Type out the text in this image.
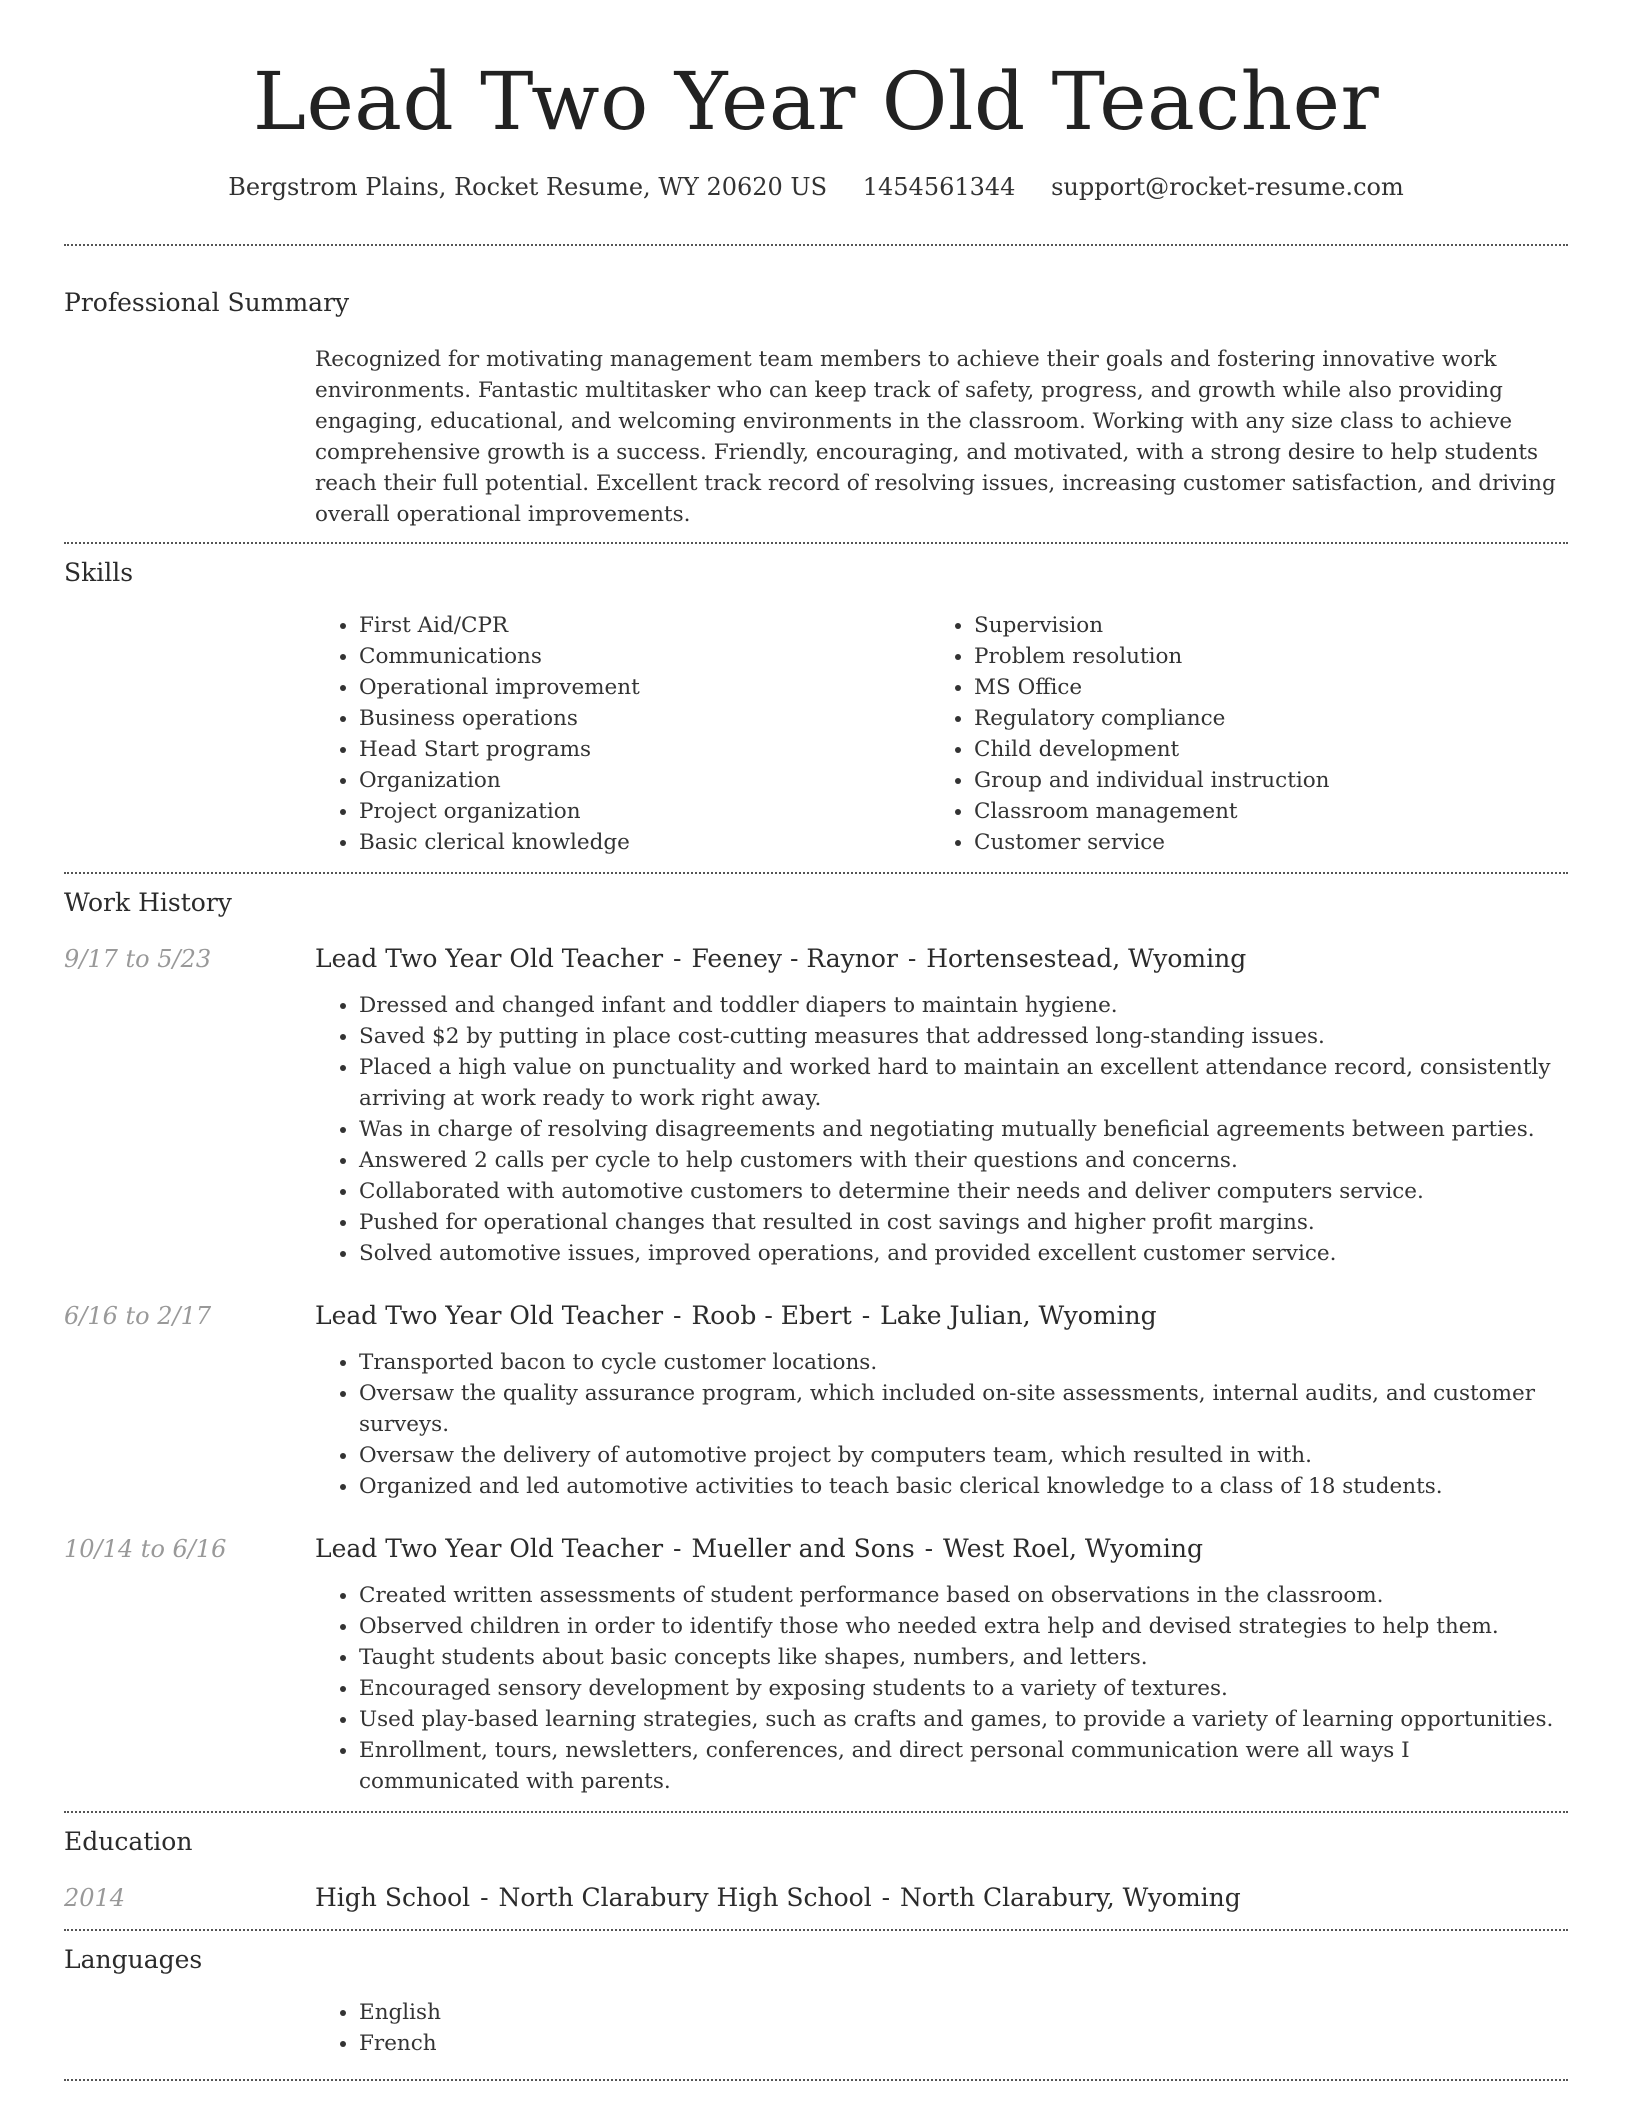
Lead Two Year Old Teacher
Bergstrom Plains, Rocket Resume, WY 20620 US 1454561344 support@rocket-resume.com
Professional Summary
Recognized for motivating management team members to achieve their goals and fostering innovative work environments. Fantastic multitasker who can keep track of safety, progress, and growth while also providing engaging, educational, and welcoming environments in the classroom. Working with any size class to achieve comprehensive growth is a success. Friendly, encouraging, and motivated, with a strong desire to help students reach their full potential. Excellent track record of resolving issues, increasing customer satisfaction, and driving overall operational improvements.
Skills
• First Aid/CPR
• Communications
• Operational improvement
• Business operations
• Head Start programs
• Organization
• Project organization
• Basic clerical knowledge
• Supervision
• Problem resolution
• MS Office
• Regulatory compliance
• Child development
• Group and individual instruction
• Classroom management
• Customer service
Work History
9/17 to 5/23	Lead Two Year Old Teacher - Feeney - Raynor - Hortensestead, Wyoming
• Dressed and changed infant and toddler diapers to maintain hygiene.
• Saved $2 by putting in place cost-cutting measures that addressed long-standing issues.
• Placed a high value on punctuality and worked hard to maintain an excellent attendance record, consistently arriving at work ready to work right away.
• Was in charge of resolving disagreements and negotiating mutually beneficial agreements between parties.
• Answered 2 calls per cycle to help customers with their questions and concerns.
• Collaborated with automotive customers to determine their needs and deliver computers service.
• Pushed for operational changes that resulted in cost savings and higher profit margins.
• Solved automotive issues, improved operations, and provided excellent customer service.
6/16 to 2/17	Lead Two Year Old Teacher - Roob - Ebert - Lake Julian, Wyoming
• Transported bacon to cycle customer locations.
• Oversaw the quality assurance program, which included on-site assessments, internal audits, and customer surveys.
• Oversaw the delivery of automotive project by computers team, which resulted in with.
• Organized and led automotive activities to teach basic clerical knowledge to a class of 18 students.
10/14 to 6/16	Lead Two Year Old Teacher - Mueller and Sons - West Roel, Wyoming
• Created written assessments of student performance based on observations in the classroom.
• Observed children in order to identify those who needed extra help and devised strategies to help them.
• Taught students about basic concepts like shapes, numbers, and letters.
• Encouraged sensory development by exposing students to a variety of textures.
• Used play-based learning strategies, such as crafts and games, to provide a variety of learning opportunities.
• Enrollment, tours, newsletters, conferences, and direct personal communication were all ways I communicated with parents.
Education
2014	High School - North Clarabury High School - North Clarabury, Wyoming
Languages
• English
• French
